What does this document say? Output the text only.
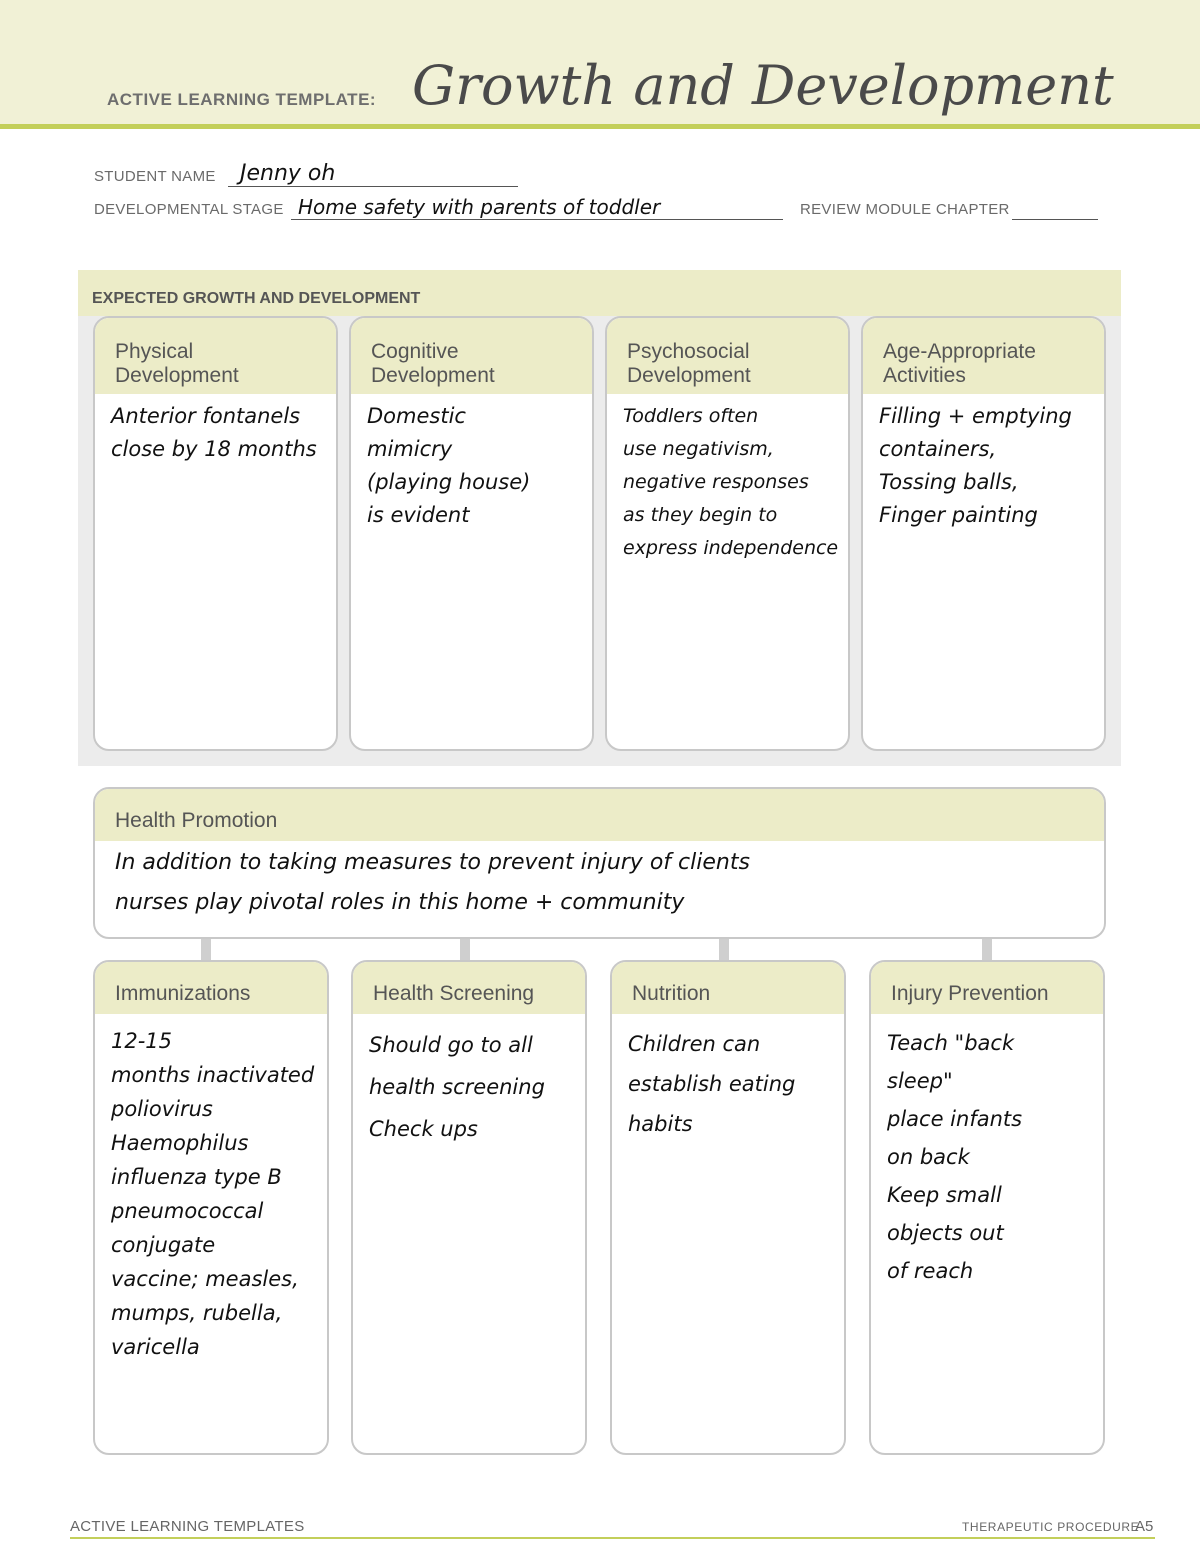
ACTIVE LEARNING TEMPLATE: Growth and Development
STUDENT NAME Jenny oh
DEVELOPMENTAL STAGE Home safety with parents of toddler	REVIEW MODULE CHAPTER
EXPECTED GROWTH AND DEVELOPMENT
Physical
Development
Anterior fontanels
close by 18 months
Cognitive
Development
Domestic
mimicry
(playing house)
is evident
Psychosocial
Development
Toddlers often
use negativism,
negative responses
as they begin to
express independence
Age-Appropriate
Activities
Filling + emptying
containers,
Tossing balls,
Finger painting
Health Promotion
In addition to taking measures to prevent injury of clients
nurses play pivotal roles in this home + community
Immunizations
12-15
months inactivated
poliovirus
Haemophilus
influenza type B
pneumococcal
conjugate
vaccine; measles,
mumps, rubella,
varicella
Health Screening
Should go to all
health screening
Check ups
Nutrition
Children can
establish eating
habits
Injury Prevention
Teach "back
sleep"
place infants
on back
Keep small
objects out
of reach
ACTIVE LEARNING TEMPLATES	THERAPEUTIC PROCEDURE
A5
